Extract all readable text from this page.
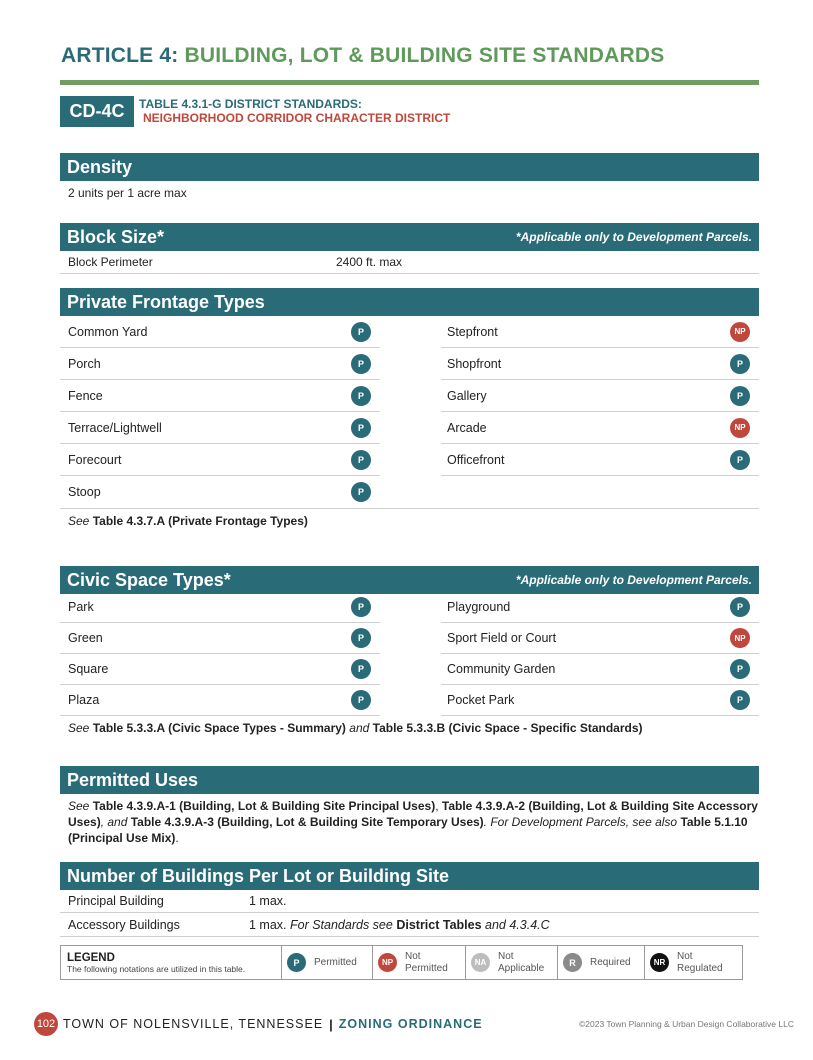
ARTICLE 4: BUILDING, LOT & BUILDING SITE STANDARDS
CD-4C	TABLE 4.3.1-G DISTRICT STANDARDS:
NEIGHBORHOOD CORRIDOR CHARACTER DISTRICT
Density
2 units per 1 acre max
Block Size*	*Applicable only to Development Parcels.
Block Perimeter	2400 ft. max
Private Frontage Types
Common Yard	P
Porch	P
Fence	P
Terrace/Lightwell	P
Forecourt	P
Stoop	P
Stepfront	NP
Shopfront	P
Gallery	P
Arcade	NP
Officefront	P
See Table 4.3.7.A (Private Frontage Types)
Civic Space Types*	*Applicable only to Development Parcels.
Park	P
Green	P
Square	P
Plaza	P
Playground	P
Sport Field or Court	NP
Community Garden	P
Pocket Park	P
See Table 5.3.3.A (Civic Space Types - Summary) and Table 5.3.3.B (Civic Space - Specific Standards)
Permitted Uses
See Table 4.3.9.A-1 (Building, Lot & Building Site Principal Uses), Table 4.3.9.A-2 (Building, Lot & Building Site Accessory Uses), and Table 4.3.9.A-3 (Building, Lot & Building Site Temporary Uses). For Development Parcels, see also Table 5.1.10 (Principal Use Mix).
Number of Buildings Per Lot or Building Site
Principal Building	1 max.
Accessory Buildings	1 max. For Standards see District Tables and 4.3.4.C
LEGEND
The following notations are utilized in this table.
P	Permitted	NP
Not Permitted	NA
Not Applicable	R	Required	NR
Not Regulated
102 TOWN OF NOLENSVILLE, TENNESSEE | ZONING ORDINANCE	©2023 Town Planning & Urban Design Collaborative LLC
